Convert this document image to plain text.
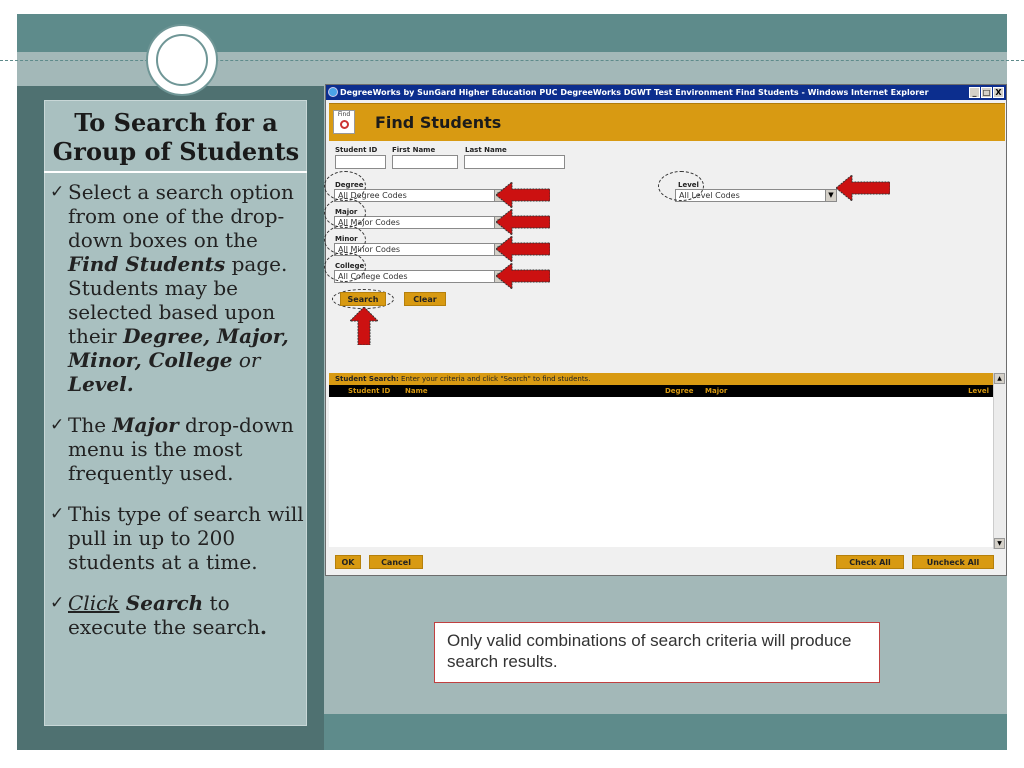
To Search for a Group of Students
✓ Select a search option from one of the drop-down boxes on the Find Students page. Students may be selected based upon their Degree, Major, Minor, College or Level.
✓ The Major drop-down menu is the most frequently used.
✓ This type of search will pull in up to 200 students at a time.
✓ Click Search to execute the search.
DegreeWorks by SunGard Higher Education PUC DegreeWorks DGWT Test Environment Find Students - Windows Internet Explorer	_ □ X
Find	Find Students
Student ID First Name	Last Name
Degree
All Degree Codes
Major
All Major Codes
Minor
All Minor Codes
College
All College Codes
Level
All Level Codes	▼
Search	Clear
Student Search: Enter your criteria and click "Search" to find students.
Student ID Name	Degree Major	Level
▲
▼
OK	Cancel	Check All	Uncheck All
Only valid combinations of search criteria will produce search results.
